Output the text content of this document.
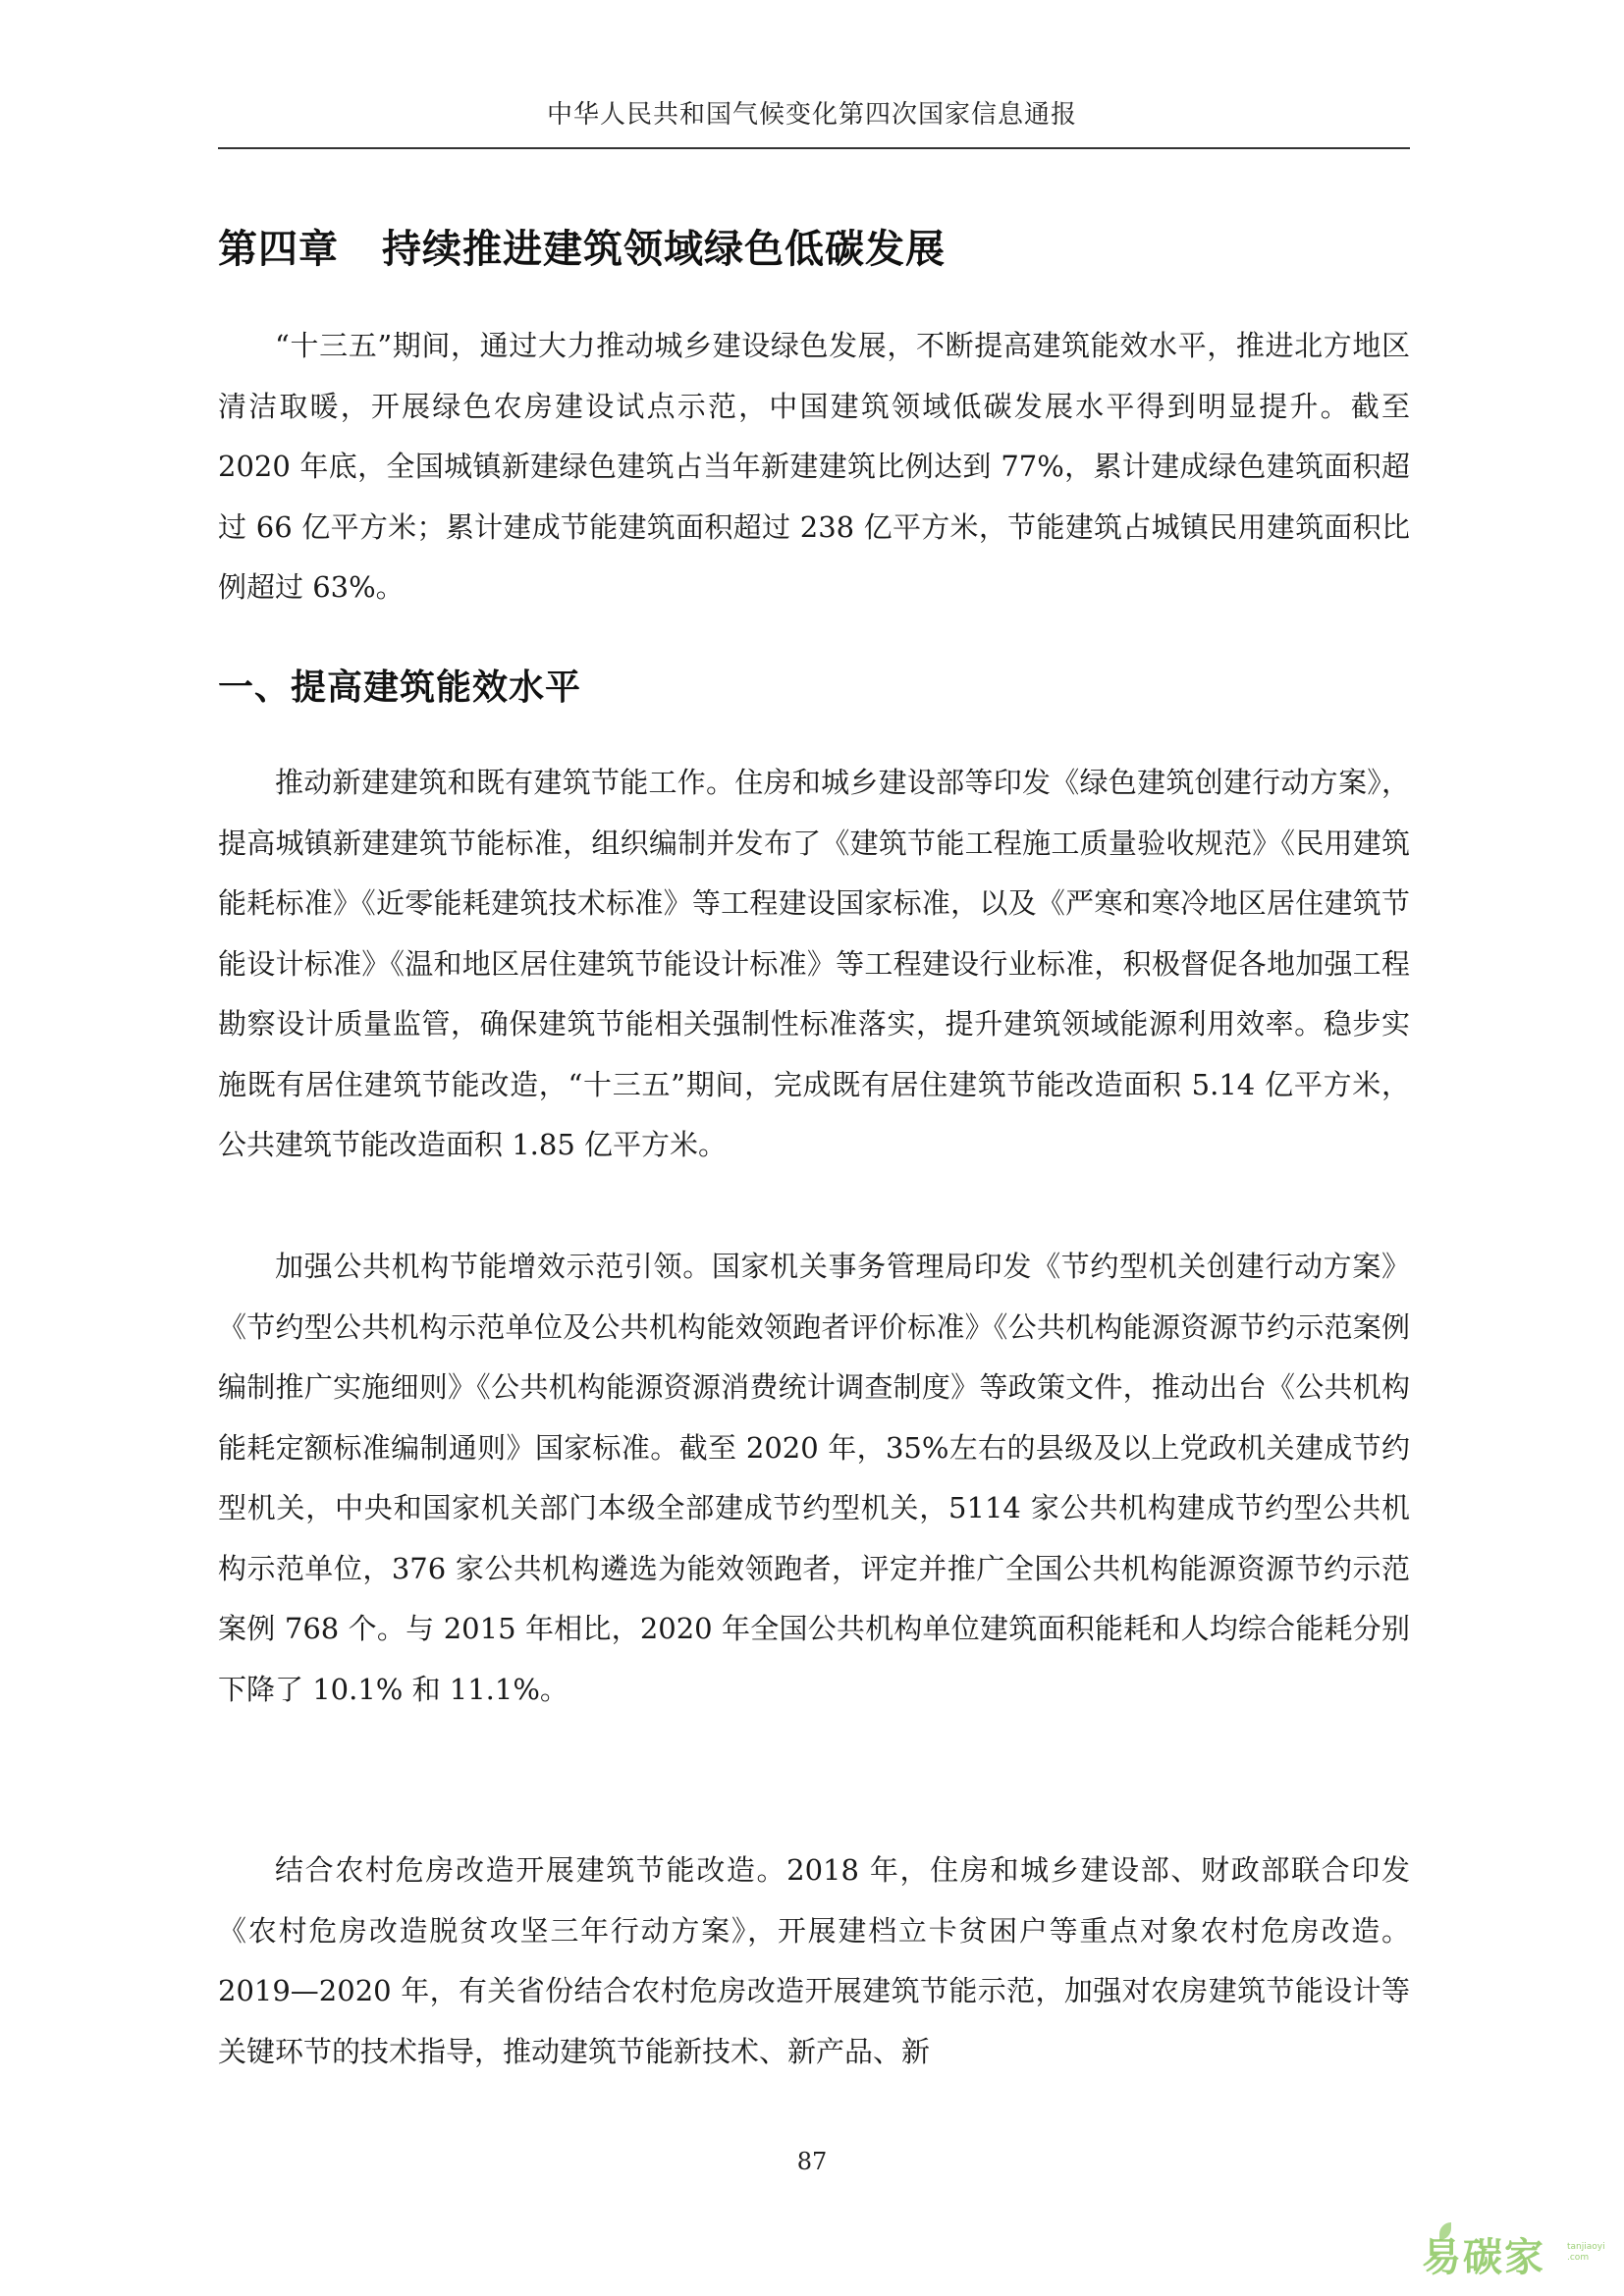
中华人民共和国气候变化第四次国家信息通报
第四章 持续推进建筑领域绿色低碳发展

“十三五”期间，通过大力推动城乡建设绿色发展，不断提高建筑能效水平，推进北方地区清洁取暖，开展绿色农房建设试点示范，中国建筑领域低碳发展水平得到明显提升。截至 2020 年底，全国城镇新建绿色建筑占当年新建建筑比例达到 77%，累计建成绿色建筑面积超过 66 亿平方米；累计建成节能建筑面积超过 238 亿平方米，节能建筑占城镇民用建筑面积比例超过 63%。

一、提高建筑能效水平

推动新建建筑和既有建筑节能工作。住房和城乡建设部等印发《绿色建筑创建行动方案》，提高城镇新建建筑节能标准，组织编制并发布了《建筑节能工程施工质量验收规范》《民用建筑能耗标准》《近零能耗建筑技术标准》等工程建设国家标准，以及《严寒和寒冷地区居住建筑节能设计标准》《温和地区居住建筑节能设计标准》等工程建设行业标准，积极督促各地加强工程勘察设计质量监管，确保建筑节能相关强制性标准落实，提升建筑领域能源利用效率。稳步实施既有居住建筑节能改造，“十三五”期间，完成既有居住建筑节能改造面积 5.14 亿平方米，公共建筑节能改造面积 1.85 亿平方米。

加强公共机构节能增效示范引领。国家机关事务管理局印发《节约型机关创建行动方案》《节约型公共机构示范单位及公共机构能效领跑者评价标准》《公共机构能源资源节约示范案例编制推广实施细则》《公共机构能源资源消费统计调查制度》等政策文件，推动出台《公共机构能耗定额标准编制通则》国家标准。截至 2020 年，35%左右的县级及以上党政机关建成节约型机关，中央和国家机关部门本级全部建成节约型机关，5114 家公共机构建成节约型公共机构示范单位，376 家公共机构遴选为能效领跑者，评定并推广全国公共机构能源资源节约示范案例 768 个。与 2015 年相比，2020 年全国公共机构单位建筑面积能耗和人均综合能耗分别下降了 10.1% 和 11.1%。

结合农村危房改造开展建筑节能改造。2018 年，住房和城乡建设部、财政部联合印发《农村危房改造脱贫攻坚三年行动方案》，开展建档立卡贫困户等重点对象农村危房改造。2019—2020 年，有关省份结合农村危房改造开展建筑节能示范，加强对农房建筑节能设计等关键环节的技术指导，推动建筑节能新技术、新产品、新

87
易碳家 tanjiaoyi
.com
